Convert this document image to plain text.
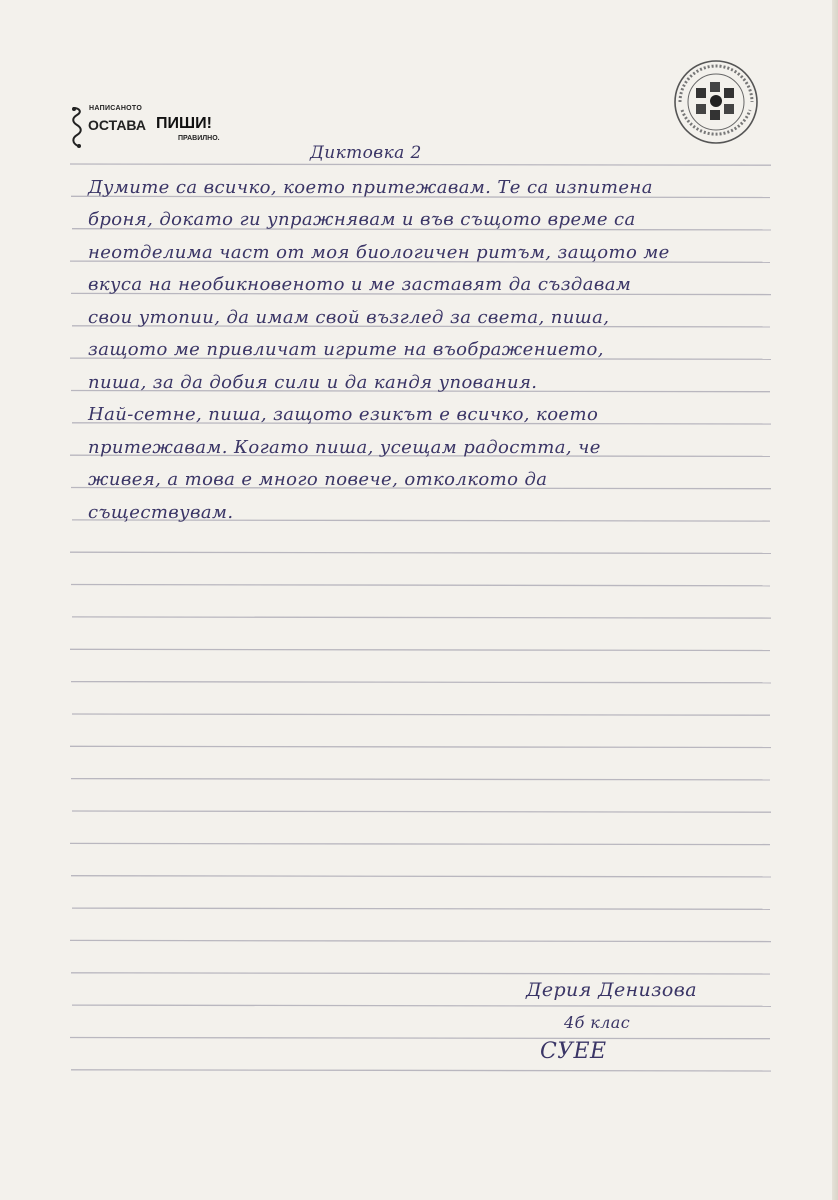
НАПИСАНОТО
ОСТАВА ПИШИ!
ПРАВИЛНО.
Диктовка 2
Думите са всичко, което притежавам. Те са изпитена
броня, докато ги упражнявам и във същото време са
неотделима част от моя биологичен ритъм, защото ме
вкуса на необикновеното и ме заставят да създавам
свои утопии, да имам свой възглед за света, пиша,
защото ме привличат игрите на въображението,
пиша, за да добия сили и да кандя упования.
Най-сетне, пиша, защото езикът е всичко, което
притежавам. Когато пиша, усещам радостта, че
живея, а това е много повече, отколкото да
съществувам.
Дерия Денизова
4б клас
СУЕЕ
